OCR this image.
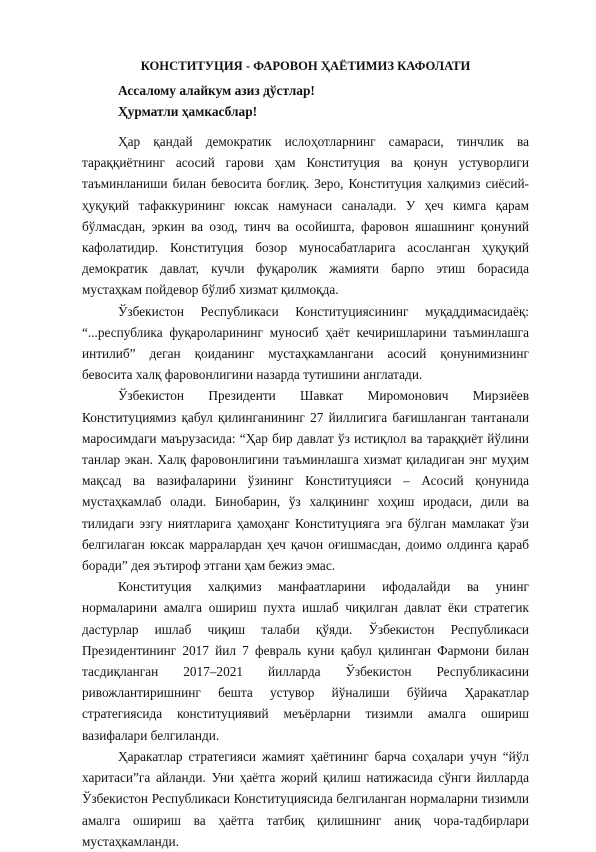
КОНСТИТУЦИЯ - ФАРОВОН ҲАЁТИМИЗ КАФОЛАТИ

Ассалому алайкум азиз дўстлар!

Ҳурматли ҳамкасблар!

Ҳар қандай демократик ислоҳотларнинг самараси, тинчлик ва тараққиётнинг асосий гарови ҳам Конституция ва қонун устуворлиги таъминланиши билан бевосита боғлиқ. Зеро, Конституция халқимиз сиёсий-ҳуқуқий тафаккурининг юксак намунаси саналади. У ҳеч кимга қарам бўлмасдан, эркин ва озод, тинч ва осойишта, фаровон яшашнинг қонуний кафолатидир. Конституция бозор муносабатларига асосланган ҳуқуқий демократик давлат, кучли фуқаролик жамияти барпо этиш борасида мустаҳкам пойдевор бўлиб хизмат қилмоқда.

Ўзбекистон Республикаси Конституциясининг муқаддимасидаёқ: “...республика фуқароларининг муносиб ҳаёт кечиришларини таъминлашга интилиб” деган қоиданинг мустаҳкамлангани асосий қонунимизнинг бевосита халқ фаровонлигини назарда тутишини англатади.

Ўзбекистон Президенти Шавкат Миромонович Мирзиёев Конституциямиз қабул қилинганининг 27 йиллигига бағишланган тантанали маросимдаги маърузасида: “Ҳар бир давлат ўз истиқлол ва тараққиёт йўлини танлар экан. Халқ фаровонлигини таъминлашга хизмат қиладиган энг муҳим мақсад ва вазифаларини ўзининг Конституцияси – Асосий қонунида мустаҳкамлаб олади. Бинобарин, ўз халқининг хоҳиш иродаси, дили ва тилидаги эзгу ниятларига ҳамоҳанг Конституцияга эга бўлган мамлакат ўзи белгилаган юксак марралардан ҳеч қачон оғишмасдан, доимо олдинга қараб боради” дея эътироф этгани ҳам бежиз эмас.

Конституция халқимиз манфаатларини ифодалайди ва унинг нормаларини амалга ошириш пухта ишлаб чиқилган давлат ёки стратегик дастурлар ишлаб чиқиш талаби қўяди. Ўзбекистон Республикаси Президентининг 2017 йил 7 февраль куни қабул қилинган Фармони билан тасдиқланган 2017–2021 йилларда Ўзбекистон Республикасини ривожлантиришнинг бешта устувор йўналиши бўйича Ҳаракатлар стратегиясида конституциявий меъёрларни тизимли амалга ошириш вазифалари белгиланди.

Ҳаракатлар стратегияси жамият ҳаётининг барча соҳалари учун “йўл харитаси”га айланди. Уни ҳаётга жорий қилиш натижасида сўнги йилларда Ўзбекистон Республикаси Конституциясида белгиланган нормаларни тизимли амалга ошириш ва ҳаётга татбиқ қилишнинг аниқ чора-тадбирлари мустаҳкамланди.
